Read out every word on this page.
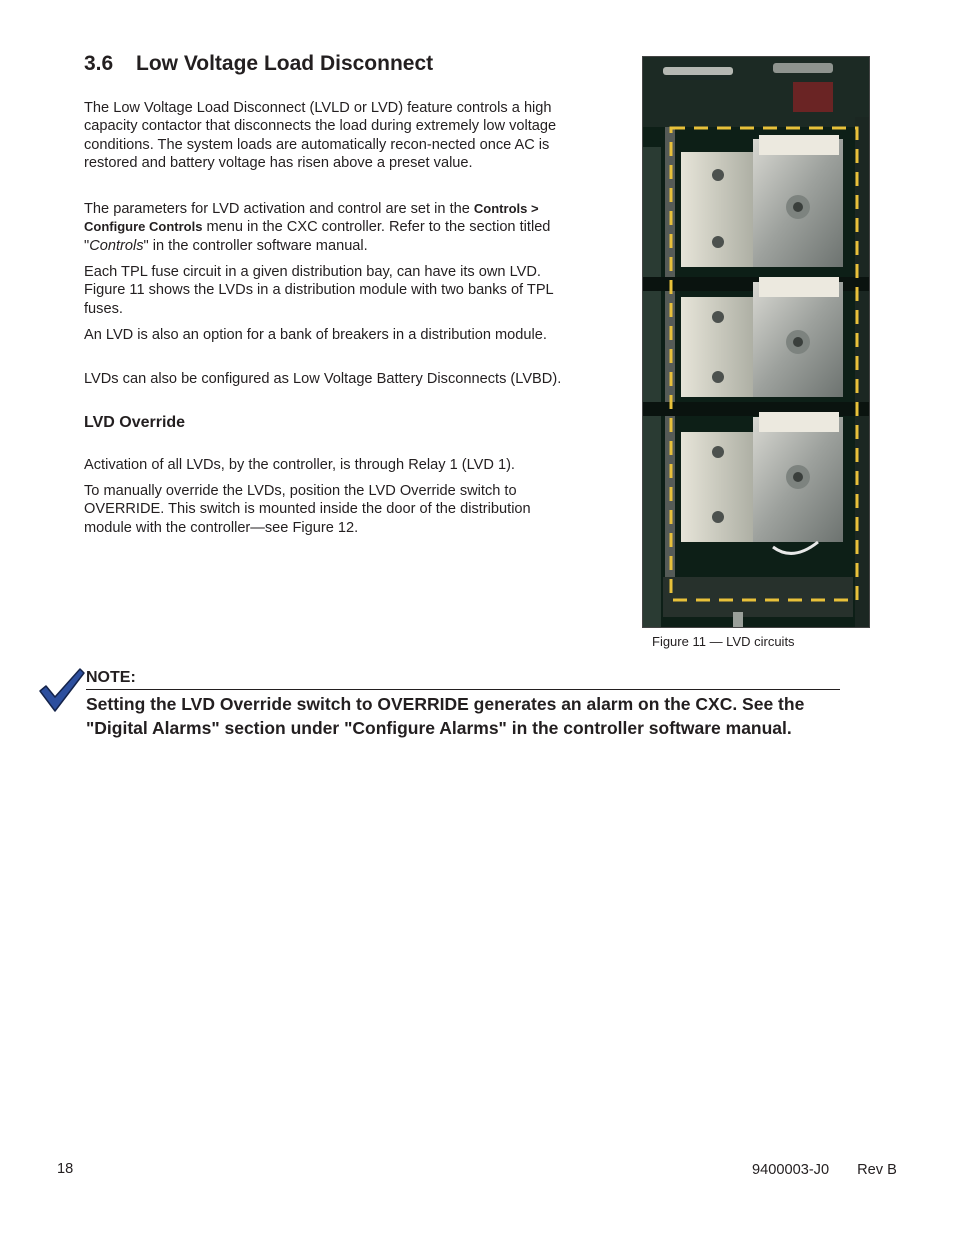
3.6 Low Voltage Load Disconnect

The Low Voltage Load Disconnect (LVLD or LVD) feature controls a high capacity contactor that disconnects the load during extremely low voltage conditions. The system loads are automatically recon-nected once AC is restored and battery voltage has risen above a preset value.

The parameters for LVD activation and control are set in the Controls > Configure Controls menu in the CXC controller. Refer to the section titled "Controls" in the controller software manual.

Each TPL fuse circuit in a given distribution bay, can have its own LVD. Figure 11 shows the LVDs in a distribution module with two banks of TPL fuses.

An LVD is also an option for a bank of breakers in a distribution module.

LVDs can also be configured as Low Voltage Battery Disconnects (LVBD).

LVD Override

Activation of all LVDs, by the controller, is through Relay 1 (LVD 1).

To manually override the LVDs, position the LVD Override switch to OVERRIDE. This switch is mounted inside the door of the distribution module with the controller—see Figure 12.

Figure 11 — LVD circuits
NOTE:
Setting the LVD Override switch to OVERRIDE generates an alarm on the CXC. See the "Digital Alarms" section under "Configure Alarms" in the controller software manual.
18	9400003-J0 Rev B
